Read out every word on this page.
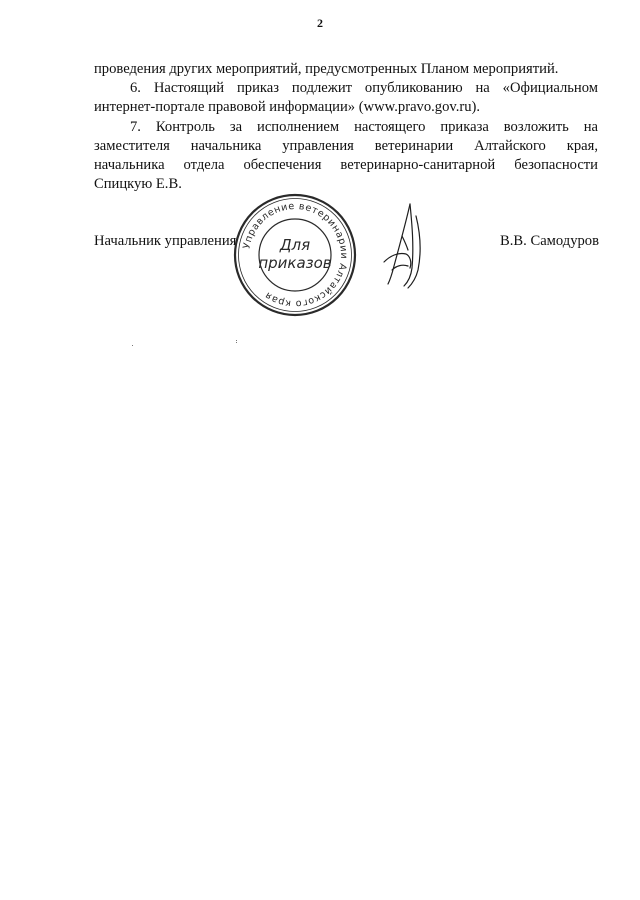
2

проведения других мероприятий, предусмотренных Планом мероприятий.

6. Настоящий приказ подлежит опубликованию на «Официальном
интернет-портале правовой информации» (www.pravo.gov.ru).
7. Контроль за исполнением настоящего приказа возложить на
заместителя начальника управления ветеринарии Алтайского края,
начальника отдела обеспечения ветеринарно-санитарной безопасности
Спицкую Е.В.
Начальник управления Управление ветеринарии Алтайского края
Для
приказов
В.В. Самодуров
